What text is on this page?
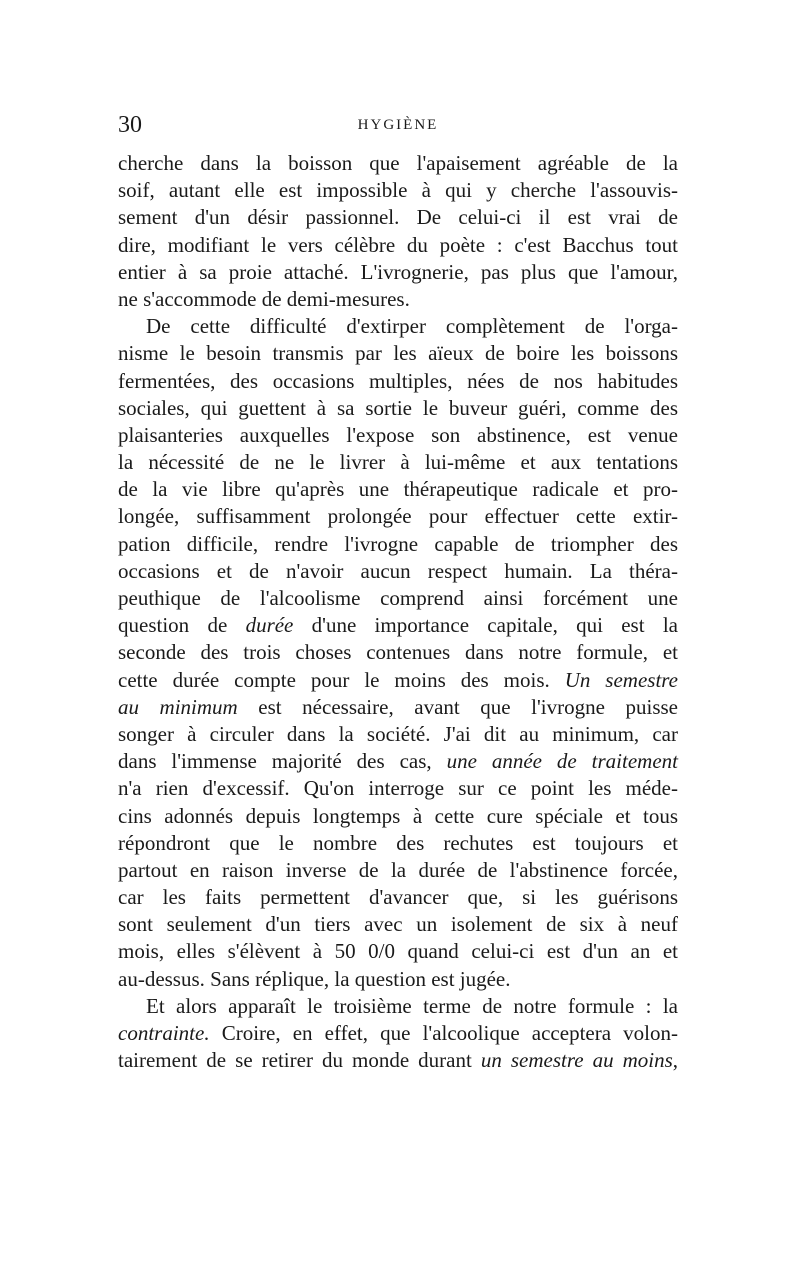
30	HYGIÈNE
cherche dans la boisson que l'apaisement agréable de la
soif, autant elle est impossible à qui y cherche l'assouvis-
sement d'un désir passionnel. De celui-ci il est vrai de
dire, modifiant le vers célèbre du poète : c'est Bacchus tout
entier à sa proie attaché. L'ivrognerie, pas plus que l'amour,
ne s'accommode de demi-mesures.
De cette difficulté d'extirper complètement de l'orga-
nisme le besoin transmis par les aïeux de boire les boissons
fermentées, des occasions multiples, nées de nos habitudes
sociales, qui guettent à sa sortie le buveur guéri, comme des
plaisanteries auxquelles l'expose son abstinence, est venue
la nécessité de ne le livrer à lui-même et aux tentations
de la vie libre qu'après une thérapeutique radicale et pro-
longée, suffisamment prolongée pour effectuer cette extir-
pation difficile, rendre l'ivrogne capable de triompher des
occasions et de n'avoir aucun respect humain. La théra-
peuthique de l'alcoolisme comprend ainsi forcément une
question de durée d'une importance capitale, qui est la
seconde des trois choses contenues dans notre formule, et
cette durée compte pour le moins des mois. Un semestre
au minimum est nécessaire, avant que l'ivrogne puisse
songer à circuler dans la société. J'ai dit au minimum, car
dans l'immense majorité des cas, une année de traitement
n'a rien d'excessif. Qu'on interroge sur ce point les méde-
cins adonnés depuis longtemps à cette cure spéciale et tous
répondront que le nombre des rechutes est toujours et
partout en raison inverse de la durée de l'abstinence forcée,
car les faits permettent d'avancer que, si les guérisons
sont seulement d'un tiers avec un isolement de six à neuf
mois, elles s'élèvent à 50 0/0 quand celui-ci est d'un an et
au-dessus. Sans réplique, la question est jugée.
Et alors apparaît le troisième terme de notre formule : la
contrainte. Croire, en effet, que l'alcoolique acceptera volon-
tairement de se retirer du monde durant un semestre au moins,
